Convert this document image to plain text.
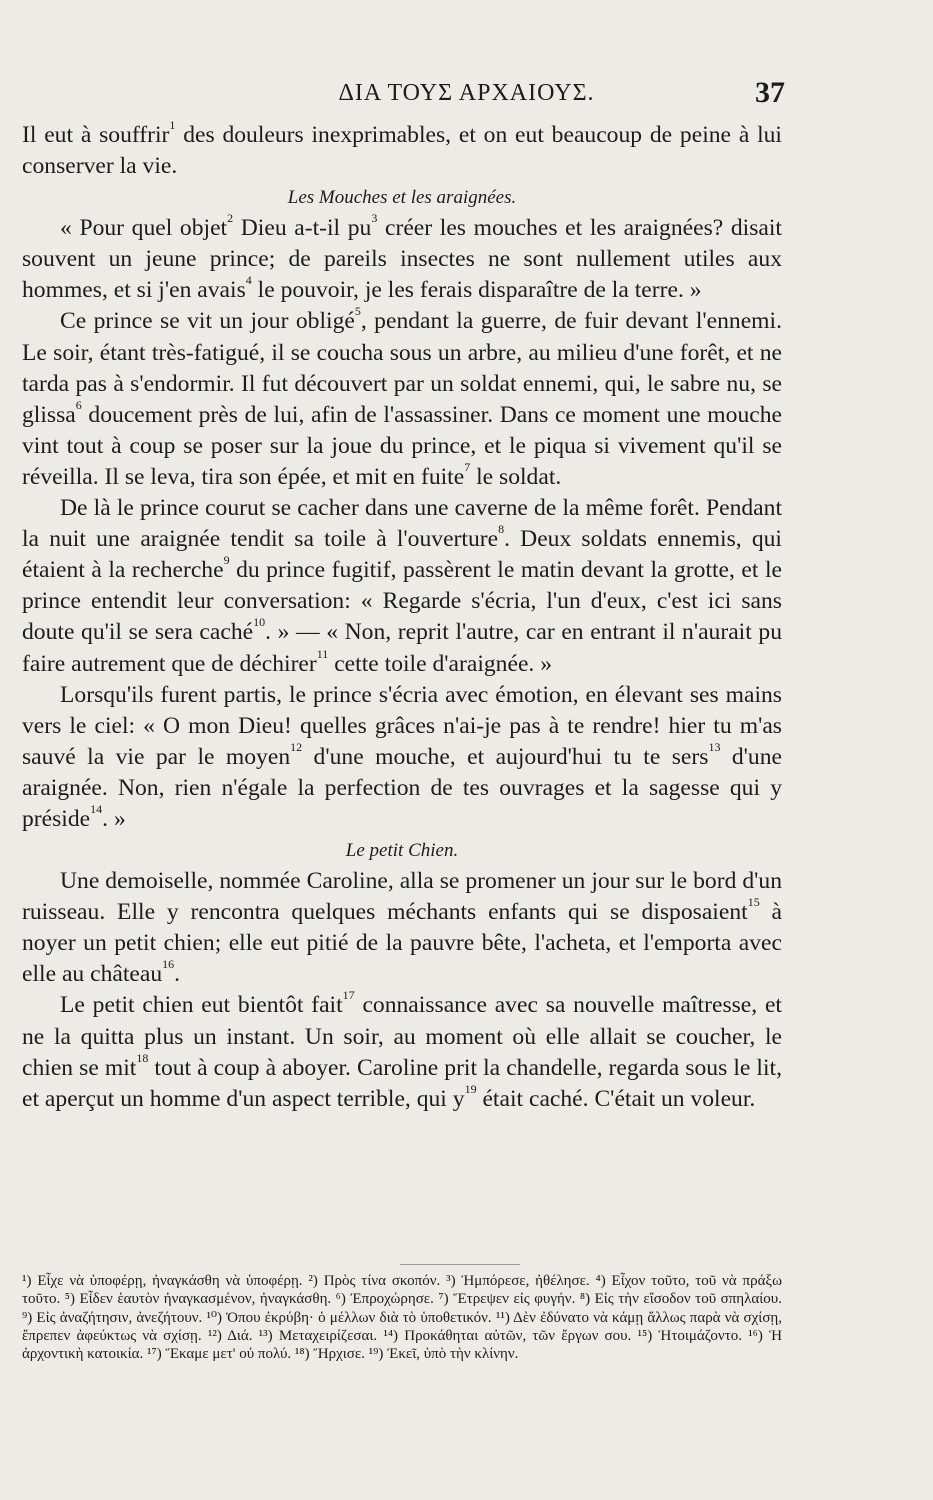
ΔΙΑ ΤΟΥΣ ΑΡΧΑΙΟΥΣ.	37

Il eut à souffrir$^1$ des douleurs inexprimables, et on eut beaucoup de peine à lui conserver la vie.

Les Mouches et les araignées.

« Pour quel objet$^2$ Dieu a-t-il pu$^3$ créer les mouches et les araignées? disait souvent un jeune prince; de pareils insectes ne sont nullement utiles aux hommes, et si j'en avais$^4$ le pouvoir, je les ferais disparaître de la terre. »

Ce prince se vit un jour obligé$^5$, pendant la guerre, de fuir devant l'ennemi. Le soir, étant très-fatigué, il se coucha sous un arbre, au milieu d'une forêt, et ne tarda pas à s'endormir. Il fut découvert par un soldat ennemi, qui, le sabre nu, se glissa$^6$ doucement près de lui, afin de l'assassiner. Dans ce moment une mouche vint tout à coup se poser sur la joue du prince, et le piqua si vivement qu'il se réveilla. Il se leva, tira son épée, et mit en fuite$^7$ le soldat.

De là le prince courut se cacher dans une caverne de la même forêt. Pendant la nuit une araignée tendit sa toile à l'ouverture$^8$. Deux soldats ennemis, qui étaient à la recherche$^9$ du prince fugitif, passèrent le matin devant la grotte, et le prince entendit leur conversation: « Regarde s'écria, l'un d'eux, c'est ici sans doute qu'il se sera caché$^{10}$. » — « Non, reprit l'autre, car en entrant il n'aurait pu faire autrement que de déchirer$^{11}$ cette toile d'araignée. »

Lorsqu'ils furent partis, le prince s'écria avec émotion, en élevant ses mains vers le ciel: « O mon Dieu! quelles grâces n'ai-je pas à te rendre! hier tu m'as sauvé la vie par le moyen$^{12}$ d'une mouche, et aujourd'hui tu te sers$^{13}$ d'une araignée. Non, rien n'égale la perfection de tes ouvrages et la sagesse qui y préside$^{14}$. »

Le petit Chien.

Une demoiselle, nommée Caroline, alla se promener un jour sur le bord d'un ruisseau. Elle y rencontra quelques méchants enfants qui se disposaient$^{15}$ à noyer un petit chien; elle eut pitié de la pauvre bête, l'acheta, et l'emporta avec elle au château$^{16}$.

Le petit chien eut bientôt fait$^{17}$ connaissance avec sa nouvelle maîtresse, et ne la quitta plus un instant. Un soir, au moment où elle allait se coucher, le chien se mit$^{18}$ tout à coup à aboyer. Caroline prit la chandelle, regarda sous le lit, et aperçut un homme d'un aspect terrible, qui y$^{19}$ était caché. C'était un voleur.

¹) Εἶχε νὰ ὑποφέρῃ, ἠναγκάσθη νὰ ὑποφέρῃ. ²) Πρὸς τίνα σκοπόν. ³) Ἠμπόρεσε, ἠθέλησε. ⁴) Εἶχον τοῦτο, τοῦ νὰ πράξω τοῦτο. ⁵) Εἶδεν ἑαυτὸν ἠναγκασμένον, ἠναγκάσθη. ⁶) Ἐπροχώρησε. ⁷) Ἔτρεψεν εἰς φυγήν. ⁸) Εἰς τὴν εἴσοδον τοῦ σπηλαίου. ⁹) Εἰς ἀναζήτησιν, ἀνεζήτουν. ¹⁰) Ὁπου ἐκρύβη· ὁ μέλλων διὰ τὸ ὑποθετικόν. ¹¹) Δὲν ἐδύνατο νὰ κάμῃ ἄλλως παρὰ νὰ σχίσῃ, ἔπρεπεν ἀφεύκτως νὰ σχίσῃ. ¹²) Διά. ¹³) Μεταχειρίζεσαι. ¹⁴) Προκάθηται αὐτῶν, τῶν ἔργων σου. ¹⁵) Ἡτοιμάζοντο. ¹⁶) Ἡ ἀρχοντικὴ κατοικία. ¹⁷) Ἔκαμε μετ' οὐ πολύ. ¹⁸) Ἤρχισε. ¹⁹) Ἐκεῖ, ὑπὸ τὴν κλίνην.
